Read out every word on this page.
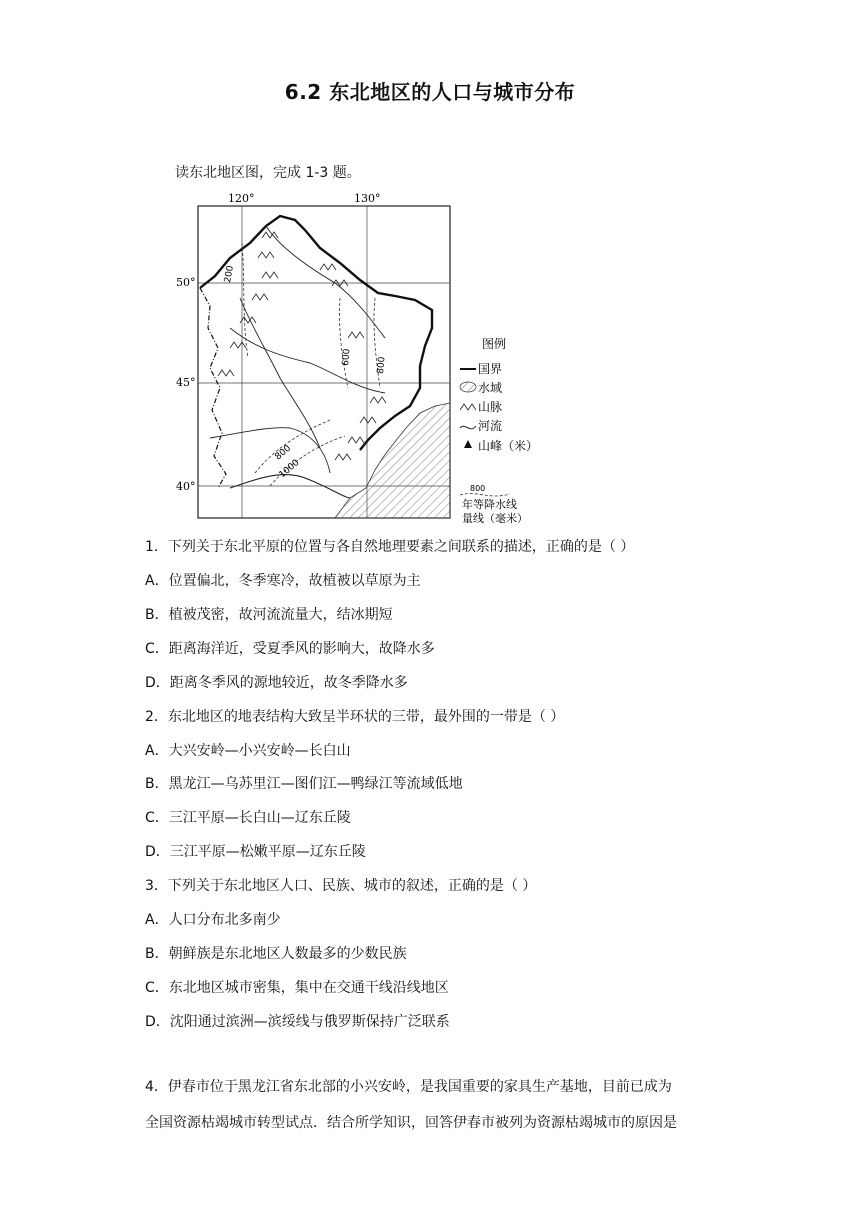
6.2 东北地区的人口与城市分布
读东北地区图，完成 1-3 题。
120°	130°
50°
45°
40°
200
600	800
800
1000
图例
国界
水域
山脉
河流
山峰（米）
800
年等降水线
量线（毫米）
1．下列关于东北平原的位置与各自然地理要素之间联系的描述，正确的是（ ）
A．位置偏北，冬季寒冷，故植被以草原为主
B．植被茂密，故河流流量大，结冰期短
C．距离海洋近，受夏季风的影响大，故降水多
D．距离冬季风的源地较近，故冬季降水多
2．东北地区的地表结构大致呈半环状的三带，最外围的一带是（ ）
A．大兴安岭—小兴安岭—长白山
B．黑龙江—乌苏里江—图们江—鸭绿江等流域低地
C．三江平原—长白山—辽东丘陵
D．三江平原—松嫩平原—辽东丘陵
3．下列关于东北地区人口、民族、城市的叙述，正确的是（ ）
A．人口分布北多南少
B．朝鲜族是东北地区人数最多的少数民族
C．东北地区城市密集，集中在交通干线沿线地区
D．沈阳通过滨洲—滨绥线与俄罗斯保持广泛联系
4．伊春市位于黑龙江省东北部的小兴安岭，是我国重要的家具生产基地，目前已成为
全国资源枯竭城市转型试点．结合所学知识，回答伊春市被列为资源枯竭城市的原因是
